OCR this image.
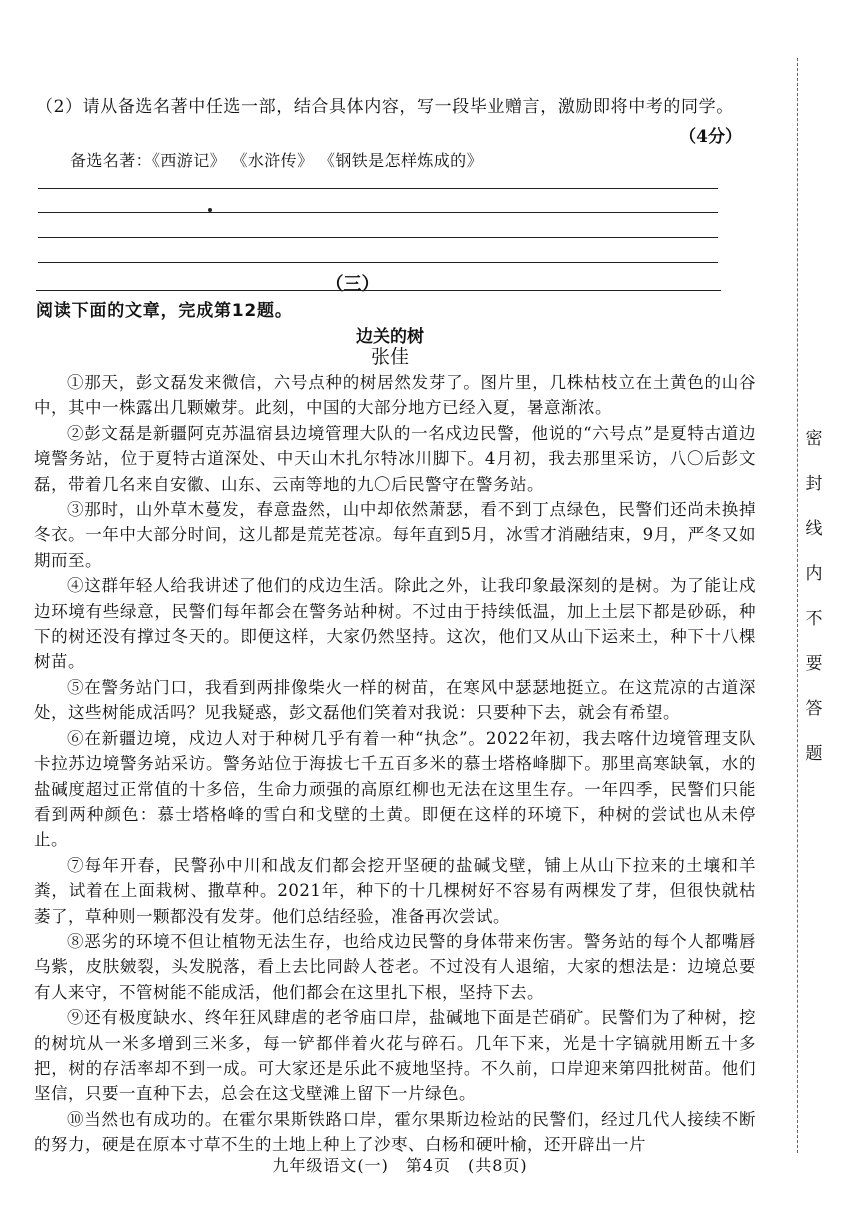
（2）请从备选名著中任选一部，结合具体内容，写一段毕业赠言，激励即将中考的同学。
（4分）
备选名著：《西游记》 《水浒传》 《钢铁是怎样炼成的》
（三）
阅读下面的文章，完成第12题。
边关的树
张佳

①那天，彭文磊发来微信，六号点种的树居然发芽了。图片里，几株枯枝立在土黄色的山谷中，其中一株露出几颗嫩芽。此刻，中国的大部分地方已经入夏，暑意渐浓。

②彭文磊是新疆阿克苏温宿县边境管理大队的一名戍边民警，他说的“六号点”是夏特古道边境警务站，位于夏特古道深处、中天山木扎尔特冰川脚下。4月初，我去那里采访，八〇后彭文磊，带着几名来自安徽、山东、云南等地的九〇后民警守在警务站。

③那时，山外草木蔓发，春意盎然，山中却依然萧瑟，看不到丁点绿色，民警们还尚未换掉冬衣。一年中大部分时间，这儿都是荒芜苍凉。每年直到5月，冰雪才消融结束，9月，严冬又如期而至。

④这群年轻人给我讲述了他们的戍边生活。除此之外，让我印象最深刻的是树。为了能让戍边环境有些绿意，民警们每年都会在警务站种树。不过由于持续低温，加上土层下都是砂砾，种下的树还没有撑过冬天的。即便这样，大家仍然坚持。这次，他们又从山下运来土，种下十八棵树苗。

⑤在警务站门口，我看到两排像柴火一样的树苗，在寒风中瑟瑟地挺立。在这荒凉的古道深处，这些树能成活吗？见我疑惑，彭文磊他们笑着对我说：只要种下去，就会有希望。

⑥在新疆边境，戍边人对于种树几乎有着一种“执念”。2022年初，我去喀什边境管理支队卡拉苏边境警务站采访。警务站位于海拔七千五百多米的慕士塔格峰脚下。那里高寒缺氧，水的盐碱度超过正常值的十多倍，生命力顽强的高原红柳也无法在这里生存。一年四季，民警们只能看到两种颜色：慕士塔格峰的雪白和戈壁的土黄。即便在这样的环境下，种树的尝试也从未停止。

⑦每年开春，民警孙中川和战友们都会挖开坚硬的盐碱戈壁，铺上从山下拉来的土壤和羊粪，试着在上面栽树、撒草种。2021年，种下的十几棵树好不容易有两棵发了芽，但很快就枯萎了，草种则一颗都没有发芽。他们总结经验，准备再次尝试。

⑧恶劣的环境不但让植物无法生存，也给戍边民警的身体带来伤害。警务站的每个人都嘴唇乌紫，皮肤皴裂，头发脱落，看上去比同龄人苍老。不过没有人退缩，大家的想法是：边境总要有人来守，不管树能不能成活，他们都会在这里扎下根，坚持下去。

⑨还有极度缺水、终年狂风肆虐的老爷庙口岸，盐碱地下面是芒硝矿。民警们为了种树，挖的树坑从一米多增到三米多，每一铲都伴着火花与碎石。几年下来，光是十字镐就用断五十多把，树的存活率却不到一成。可大家还是乐此不疲地坚持。不久前，口岸迎来第四批树苗。他们坚信，只要一直种下去，总会在这戈壁滩上留下一片绿色。

⑩当然也有成功的。在霍尔果斯铁路口岸，霍尔果斯边检站的民警们，经过几代人接续不断的努力，硬是在原本寸草不生的土地上种上了沙枣、白杨和硬叶榆，还开辟出一片

九年级语文(一)　第4页　(共8页)
密
封
线
内
不
要
答
题
